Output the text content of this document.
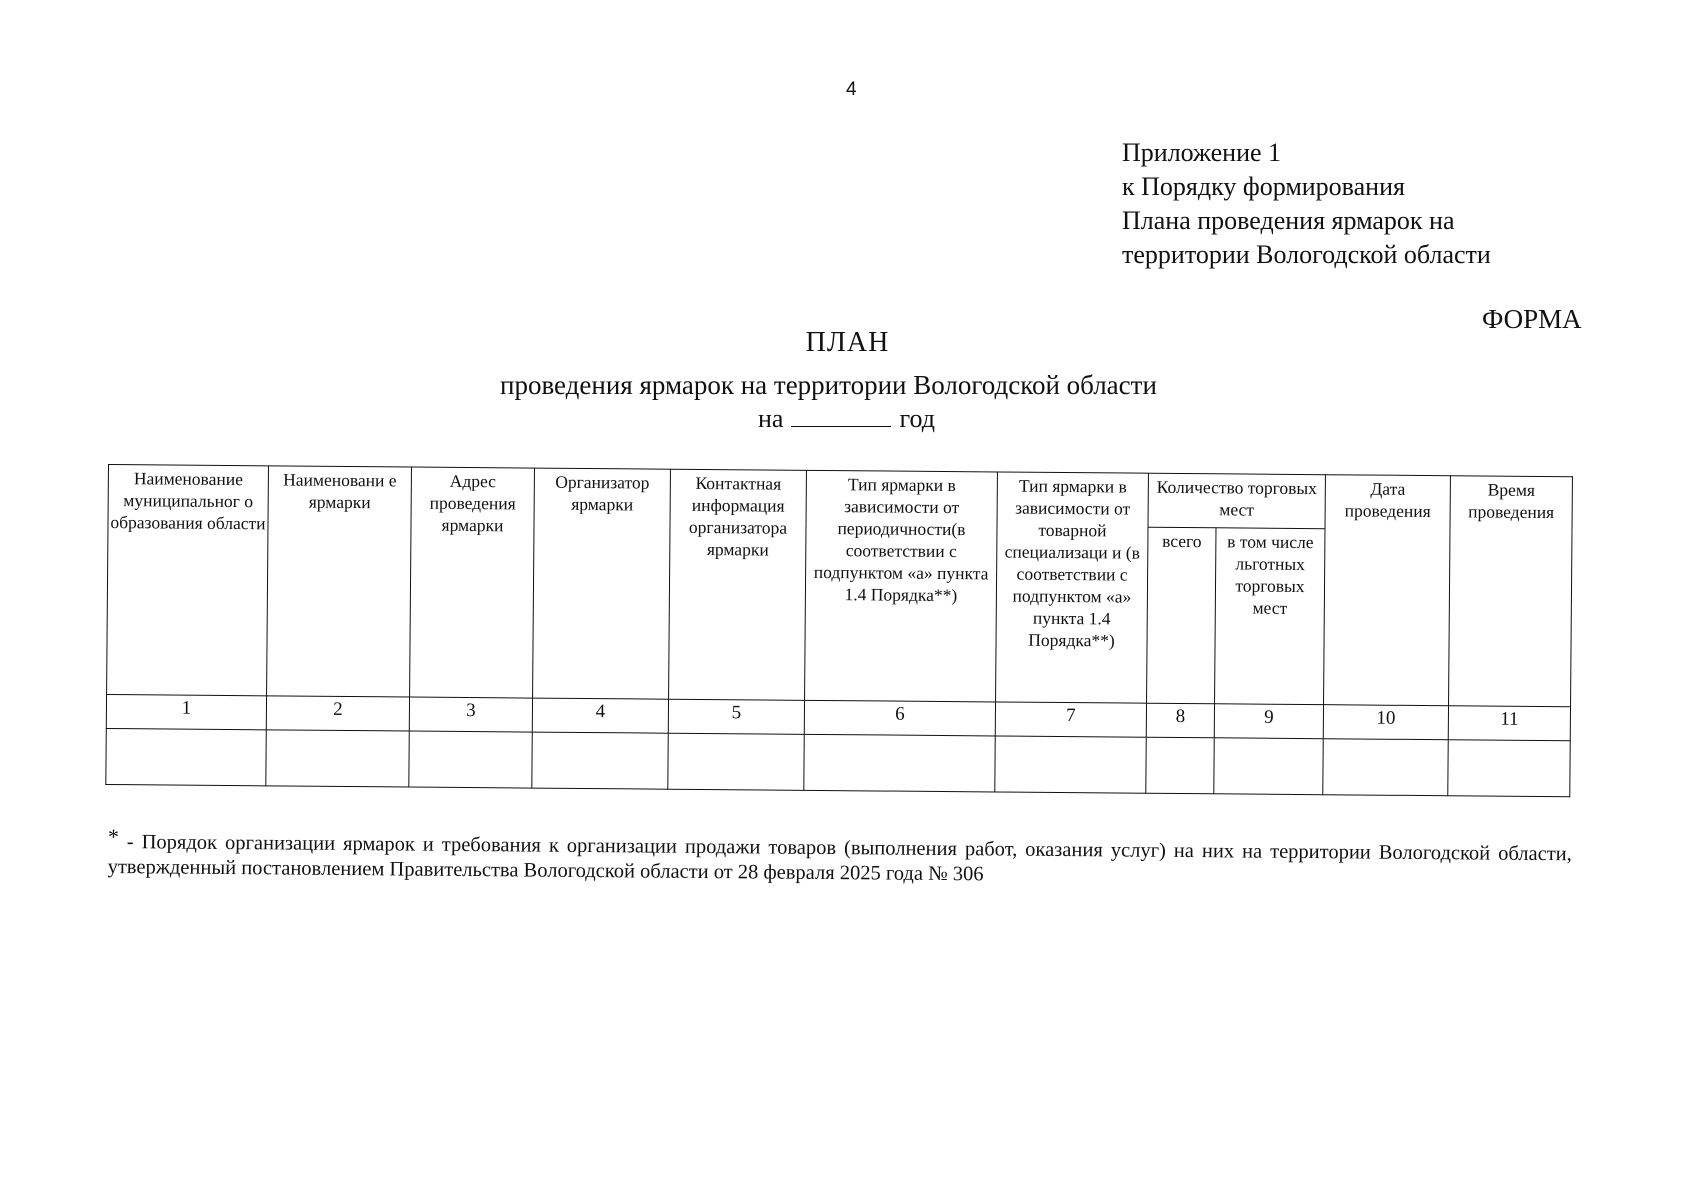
4
Приложение 1
к Порядку формирования
Плана проведения ярмарок на
территории Вологодской области
ФОРМА
ПЛАН
проведения ярмарок на территории Вологодской области
на	год
Наименование муниципальног о образования области	Наименовани е ярмарки	Адрес проведения ярмарки	Организатор ярмарки	Контактная информация организатора ярмарки	Тип ярмарки в зависимости от периодичности(в соответствии с подпунктом «а» пункта 1.4 Порядка**)	Тип ярмарки в зависимости от товарной специализаци и (в соответствии с подпунктом «а» пункта 1.4 Порядка**)	Количество торговых мест		Дата проведения	Время проведения
							всего	в том числе льготных торговых мест		
1	2	3	4	5	6	7	8	9	10	11

* - Порядок организации ярмарок и требования к организации продажи товаров (выполнения работ, оказания услуг) на них на территории Вологодской области, утвержденный постановлением Правительства Вологодской области от 28 февраля 2025 года № 306
